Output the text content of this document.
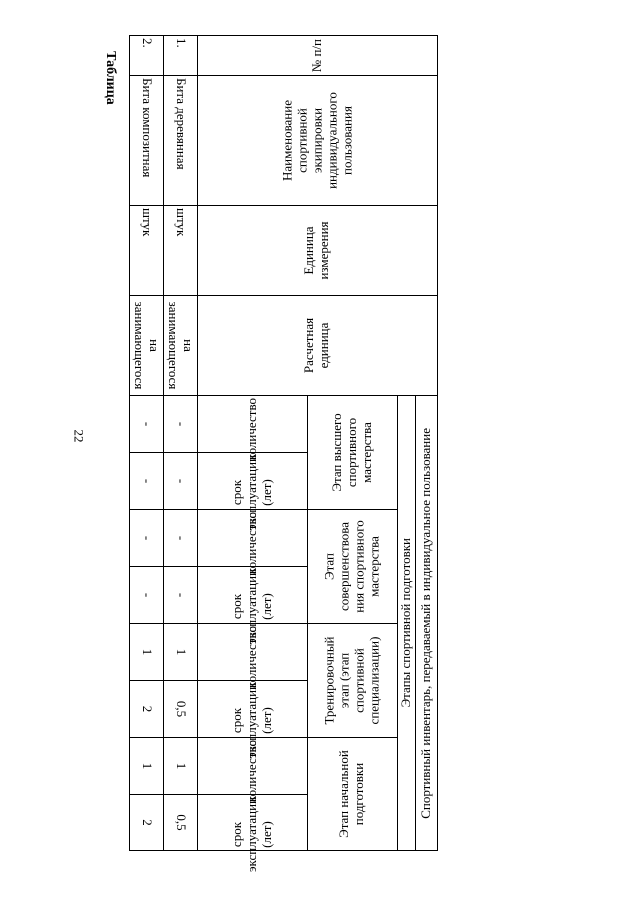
22
Таблица	№ п/п	Наименование спортивной экипировки индивидуального пользования	Единица измерения	Расчетная единица	Спортивный инвентарь, передаваемый в индивидуальное пользование							
				Этапы спортивной подготовки							
				Этап высшего спортивного мастерства		Этап совершенствова ния спортивного мастерства		Тренировочный этап (этап спортивной специализации)		Этап начальной подготовки	
				количество	срок эксплуатации (лет)	количество	срок эксплуатации (лет)	количество	срок эксплуатации (лет)	количество	срок эксплуатации (лет)
1.	Бита деревянная	штук	на занимающегося	-	-	-	-	1	0,5	1	0,5
2.	Бита композитная	штук	на занимающегося	-	-	-	-	1	2	1	2
